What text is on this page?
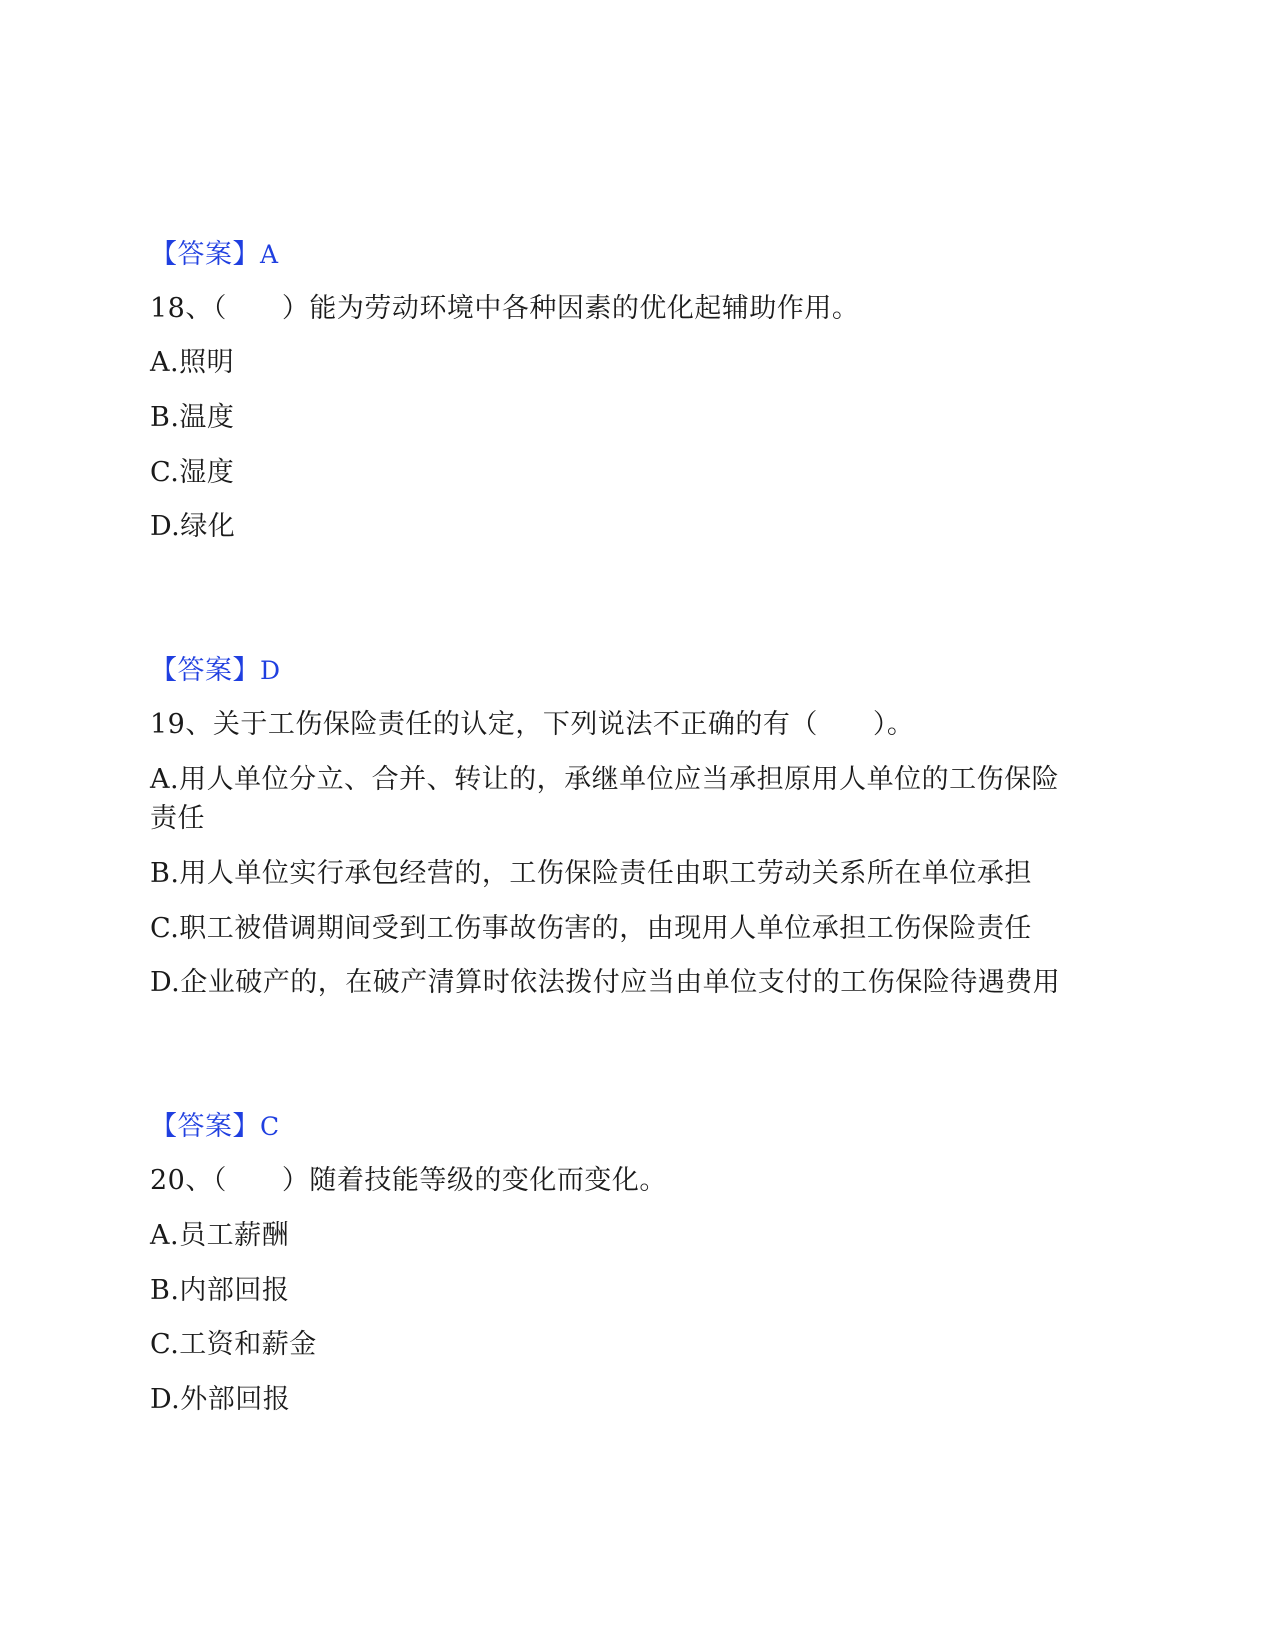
【答案】A
18、（　　）能为劳动环境中各种因素的优化起辅助作用。
A.照明
B.温度
C.湿度
D.绿化
【答案】D
19、关于工伤保险责任的认定，下列说法不正确的有（　　）。
A.用人单位分立、合并、转让的，承继单位应当承担原用人单位的工伤保险
责任
B.用人单位实行承包经营的，工伤保险责任由职工劳动关系所在单位承担
C.职工被借调期间受到工伤事故伤害的，由现用人单位承担工伤保险责任
D.企业破产的，在破产清算时依法拨付应当由单位支付的工伤保险待遇费用
【答案】C
20、（　　）随着技能等级的变化而变化。
A.员工薪酬
B.内部回报
C.工资和薪金
D.外部回报
